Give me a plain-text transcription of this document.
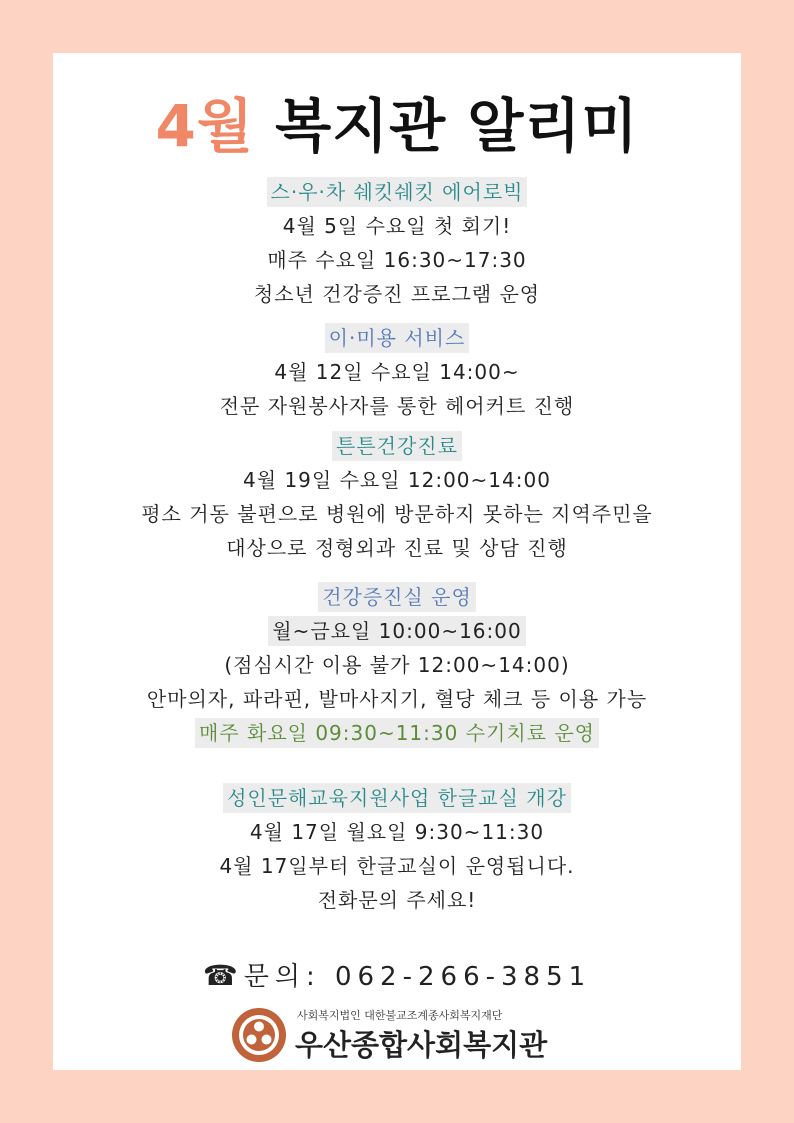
4월 복지관 알리미
스·우·차 쉐킷쉐킷 에어로빅
4월 5일 수요일 첫 회기!
매주 수요일 16:30~17:30
청소년 건강증진 프로그램 운영
이·미용 서비스
4월 12일 수요일 14:00~
전문 자원봉사자를 통한 헤어커트 진행
튼튼건강진료
4월 19일 수요일 12:00~14:00
평소 거동 불편으로 병원에 방문하지 못하는 지역주민을
대상으로 정형외과 진료 및 상담 진행
건강증진실 운영
월~금요일 10:00~16:00
(점심시간 이용 불가 12:00~14:00)
안마의자, 파라핀, 발마사지기, 혈당 체크 등 이용 가능
매주 화요일 09:30~11:30 수기치료 운영
성인문해교육지원사업 한글교실 개강
4월 17일 월요일 9:30~11:30
4월 17일부터 한글교실이 운영됩니다.
전화문의 주세요!
☎ 문의: 062-266-3851
사회복지법인 대한불교조계종사회복지재단
우산종합사회복지관
